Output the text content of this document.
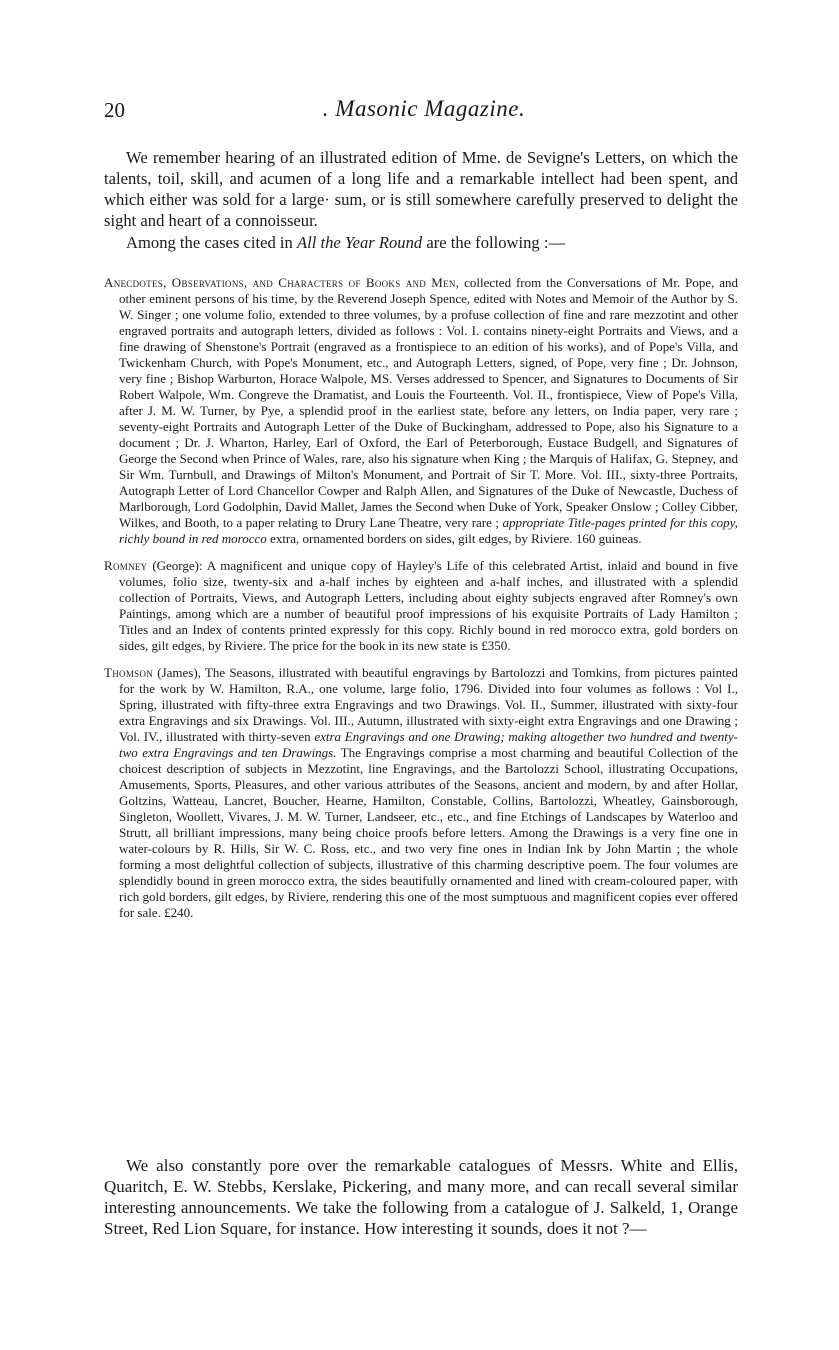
20	. Masonic Magazine.

We remember hearing of an illustrated edition of Mme. de Sevigne's Letters, on which the talents, toil, skill, and acumen of a long life and a remarkable intellect had been spent, and which either was sold for a large· sum, or is still somewhere carefully preserved to delight the sight and heart of a connoisseur.

Among the cases cited in All the Year Round are the following :—

Anecdotes, Observations, and Characters of Books and Men, collected from the Conversations of Mr. Pope, and other eminent persons of his time, by the Reverend Joseph Spence, edited with Notes and Memoir of the Author by S. W. Singer ; one volume folio, extended to three volumes, by a profuse collection of fine and rare mezzotint and other engraved portraits and autograph letters, divided as follows : Vol. I. contains ninety-eight Portraits and Views, and a fine drawing of Shenstone's Portrait (engraved as a frontispiece to an edition of his works), and of Pope's Villa, and Twickenham Church, with Pope's Monument, etc., and Autograph Letters, signed, of Pope, very fine ; Dr. Johnson, very fine ; Bishop Warburton, Horace Walpole, MS. Verses addressed to Spencer, and Signatures to Documents of Sir Robert Walpole, Wm. Congreve the Dramatist, and Louis the Fourteenth. Vol. II., frontispiece, View of Pope's Villa, after J. M. W. Turner, by Pye, a splendid proof in the earliest state, before any letters, on India paper, very rare ; seventy-eight Portraits and Autograph Letter of the Duke of Buckingham, addressed to Pope, also his Signature to a document ; Dr. J. Wharton, Harley, Earl of Oxford, the Earl of Peterborough, Eustace Budgell, and Signatures of George the Second when Prince of Wales, rare, also his signature when King ; the Marquis of Halifax, G. Stepney, and Sir Wm. Turnbull, and Drawings of Milton's Monument, and Portrait of Sir T. More. Vol. III., sixty-three Portraits, Autograph Letter of Lord Chancellor Cowper and Ralph Allen, and Signatures of the Duke of Newcastle, Duchess of Marlborough, Lord Godolphin, David Mallet, James the Second when Duke of York, Speaker Onslow ; Colley Cibber, Wilkes, and Booth, to a paper relating to Drury Lane Theatre, very rare ; appropriate Title-pages printed for this copy, richly bound in red morocco extra, ornamented borders on sides, gilt edges, by Riviere. 160 guineas.

Romney (George): A magnificent and unique copy of Hayley's Life of this celebrated Artist, inlaid and bound in five volumes, folio size, twenty-six and a-half inches by eighteen and a-half inches, and illustrated with a splendid collection of Portraits, Views, and Autograph Letters, including about eighty subjects engraved after Romney's own Paintings, among which are a number of beautiful proof impressions of his exquisite Portraits of Lady Hamilton ; Titles and an Index of contents printed expressly for this copy. Richly bound in red morocco extra, gold borders on sides, gilt edges, by Riviere. The price for the book in its new state is £350.

Thomson (James), The Seasons, illustrated with beautiful engravings by Bartolozzi and Tomkins, from pictures painted for the work by W. Hamilton, R.A., one volume, large folio, 1796. Divided into four volumes as follows : Vol I., Spring, illustrated with fifty-three extra Engravings and two Drawings. Vol. II., Summer, illustrated with sixty-four extra Engravings and six Drawings. Vol. III., Autumn, illustrated with sixty-eight extra Engravings and one Drawing ; Vol. IV., illustrated with thirty-seven extra Engravings and one Drawing; making altogether two hundred and twenty-two extra Engravings and ten Drawings. The Engravings comprise a most charming and beautiful Collection of the choicest description of subjects in Mezzotint, line Engravings, and the Bartolozzi School, illustrating Occupations, Amusements, Sports, Pleasures, and other various attributes of the Seasons, ancient and modern, by and after Hollar, Goltzins, Watteau, Lancret, Boucher, Hearne, Hamilton, Constable, Collins, Bartolozzi, Wheatley, Gainsborough, Singleton, Woollett, Vivares, J. M. W. Turner, Landseer, etc., etc., and fine Etchings of Landscapes by Waterloo and Strutt, all brilliant impressions, many being choice proofs before letters. Among the Drawings is a very fine one in water-colours by R. Hills, Sir W. C. Ross, etc., and two very fine ones in Indian Ink by John Martin ; the whole forming a most delightful collection of subjects, illustrative of this charming descriptive poem. The four volumes are splendidly bound in green morocco extra, the sides beautifully ornamented and lined with cream-coloured paper, with rich gold borders, gilt edges, by Riviere, rendering this one of the most sumptuous and magnificent copies ever offered for sale. £240.

We also constantly pore over the remarkable catalogues of Messrs. White and Ellis, Quaritch, E. W. Stebbs, Kerslake, Pickering, and many more, and can recall several similar interesting announcements. We take the following from a catalogue of J. Salkeld, 1, Orange Street, Red Lion Square, for instance. How interesting it sounds, does it not ?—
